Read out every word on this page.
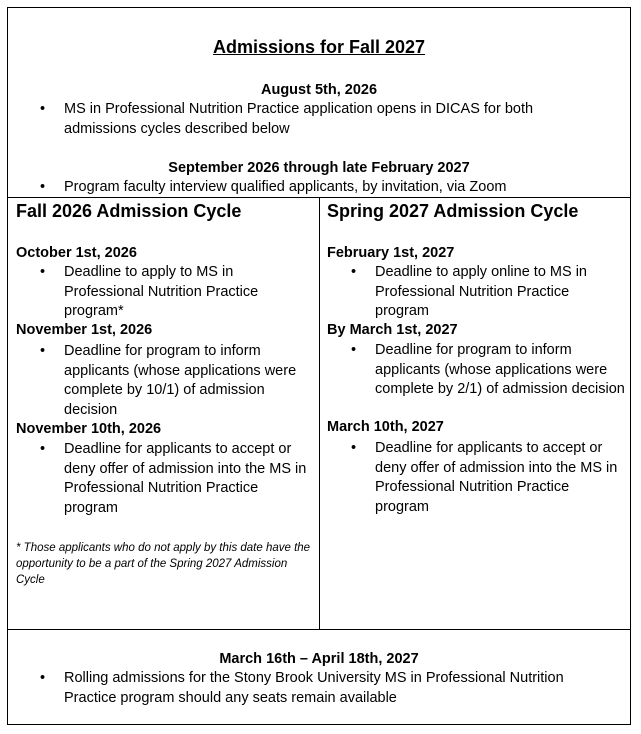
Admissions for Fall 2027
August 5th, 2026
• MS in Professional Nutrition Practice application opens in DICAS for both admissions cycles described below
September 2026 through late February 2027
• Program faculty interview qualified applicants, by invitation, via Zoom
Fall 2026 Admission Cycle
October 1st, 2026
• Deadline to apply to MS in Professional Nutrition Practice program*
November 1st, 2026
• Deadline for program to inform applicants (whose applications were complete by 10/1) of admission decision
November 10th, 2026
• Deadline for applicants to accept or deny offer of admission into the MS in Professional Nutrition Practice program
* Those applicants who do not apply by this date have the opportunity to be a part of the Spring 2027 Admission Cycle
Spring 2027 Admission Cycle
February 1st, 2027
• Deadline to apply online to MS in Professional Nutrition Practice program
By March 1st, 2027
• Deadline for program to inform applicants (whose applications were complete by 2/1) of admission decision
March 10th, 2027
• Deadline for applicants to accept or deny offer of admission into the MS in Professional Nutrition Practice program
March 16th – April 18th, 2027
• Rolling admissions for the Stony Brook University MS in Professional Nutrition Practice program should any seats remain available
